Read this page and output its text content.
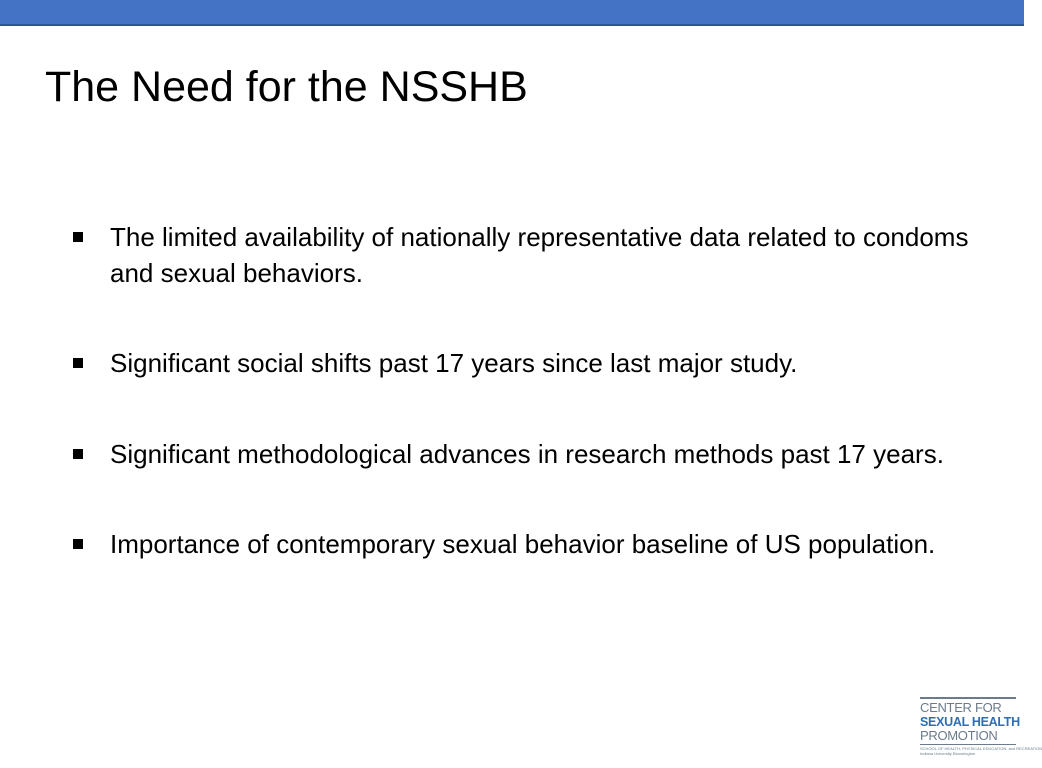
The Need for the NSSHB
The limited availability of nationally representative data related to condoms and sexual behaviors.
Significant social shifts past 17 years since last major study.
Significant methodological advances in research methods past 17 years.
Importance of contemporary sexual behavior baseline of US population.
CENTER FOR
SEXUAL HEALTH
PROMOTION
SCHOOL OF HEALTH, PHYSICAL EDUCATION, and RECREATION
Indiana University Bloomington
